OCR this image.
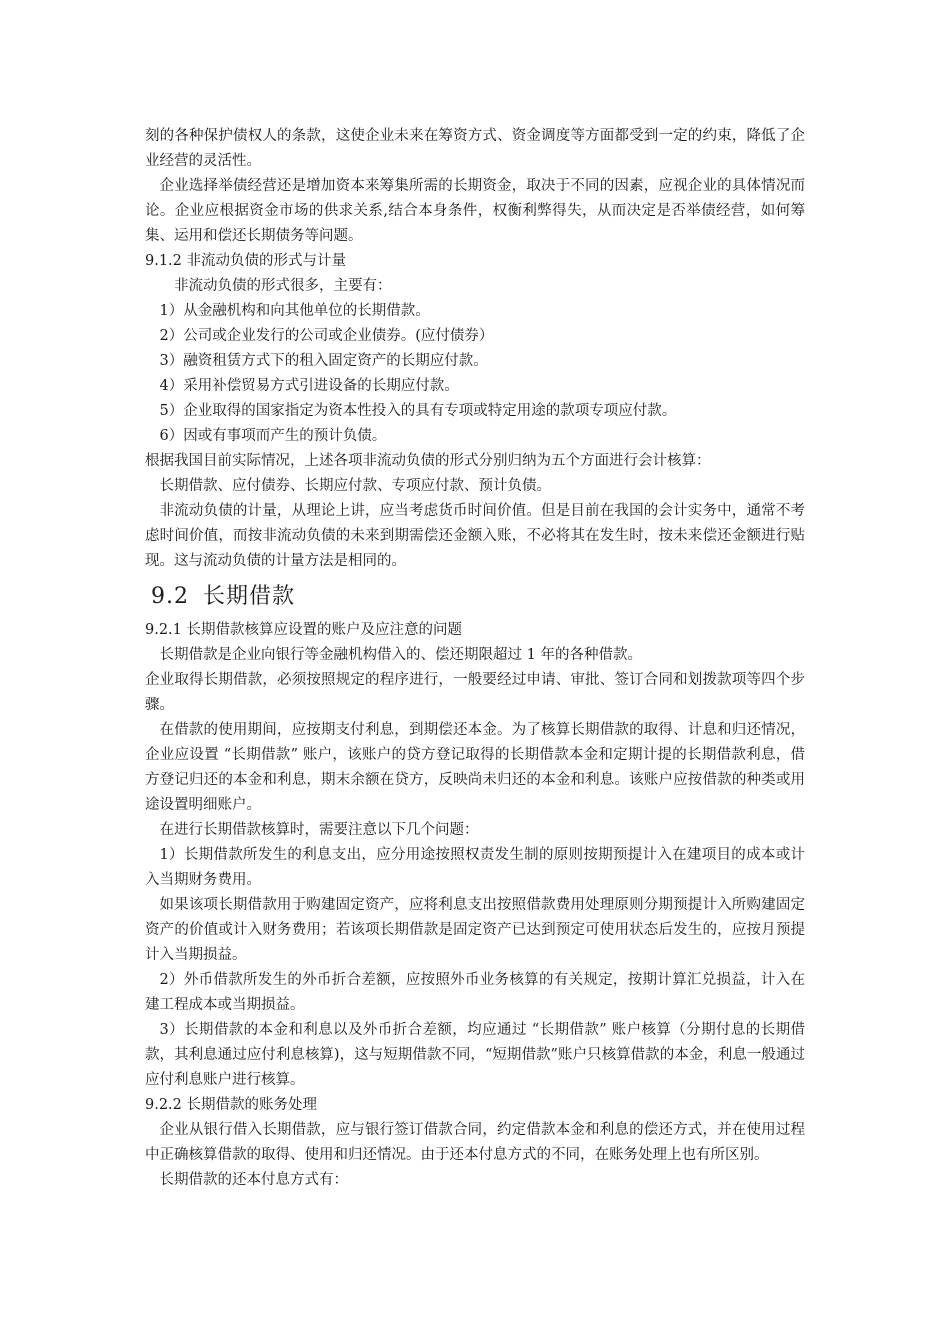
刻的各种保护债权人的条款，这使企业未来在筹资方式、资金调度等方面都受到一定的约束，降低了企业经营的灵活性。

企业选择举债经营还是增加资本来筹集所需的长期资金，取决于不同的因素，应视企业的具体情况而论。企业应根据资金市场的供求关系,结合本身条件，权衡利弊得失，从而决定是否举债经营，如何筹集、运用和偿还长期债务等问题。

9.1.2 非流动负债的形式与计量

非流动负债的形式很多，主要有：

1）从金融机构和向其他单位的长期借款。

2）公司或企业发行的公司或企业债券。(应付债券）

3）融资租赁方式下的租入固定资产的长期应付款。

4）采用补偿贸易方式引进设备的长期应付款。

5）企业取得的国家指定为资本性投入的具有专项或特定用途的款项专项应付款。

6）因或有事项而产生的预计负债。

根据我国目前实际情况，上述各项非流动负债的形式分别归纳为五个方面进行会计核算：

长期借款、应付债券、长期应付款、专项应付款、预计负债。

非流动负债的计量，从理论上讲，应当考虑货币时间价值。但是目前在我国的会计实务中，通常不考虑时间价值，而按非流动负债的未来到期需偿还金额入账，不必将其在发生时，按未来偿还金额进行贴现。这与流动负债的计量方法是相同的。

9.2 长期借款

9.2.1 长期借款核算应设置的账户及应注意的问题

长期借款是企业向银行等金融机构借入的、偿还期限超过 1 年的各种借款。

企业取得长期借款，必须按照规定的程序进行，一般要经过申请、审批、签订合同和划拨款项等四个步骤。

在借款的使用期间，应按期支付利息，到期偿还本金。为了核算长期借款的取得、计息和归还情况，企业应设置 “长期借款” 账户，该账户的贷方登记取得的长期借款本金和定期计提的长期借款利息，借方登记归还的本金和利息，期末余额在贷方，反映尚未归还的本金和利息。该账户应按借款的种类或用途设置明细账户。

在进行长期借款核算时，需要注意以下几个问题：

1）长期借款所发生的利息支出，应分用途按照权责发生制的原则按期预提计入在建项目的成本或计入当期财务费用。

如果该项长期借款用于购建固定资产，应将利息支出按照借款费用处理原则分期预提计入所购建固定资产的价值或计入财务费用；若该项长期借款是固定资产已达到预定可使用状态后发生的，应按月预提计入当期损益。

2）外币借款所发生的外币折合差额，应按照外币业务核算的有关规定，按期计算汇兑损益，计入在建工程成本或当期损益。

3）长期借款的本金和利息以及外币折合差额，均应通过 “长期借款” 账户核算（分期付息的长期借款，其利息通过应付利息核算)，这与短期借款不同，“短期借款”账户只核算借款的本金，利息一般通过应付利息账户进行核算。

9.2.2 长期借款的账务处理

企业从银行借入长期借款，应与银行签订借款合同，约定借款本金和利息的偿还方式，并在使用过程中正确核算借款的取得、使用和归还情况。由于还本付息方式的不同，在账务处理上也有所区别。

长期借款的还本付息方式有：
